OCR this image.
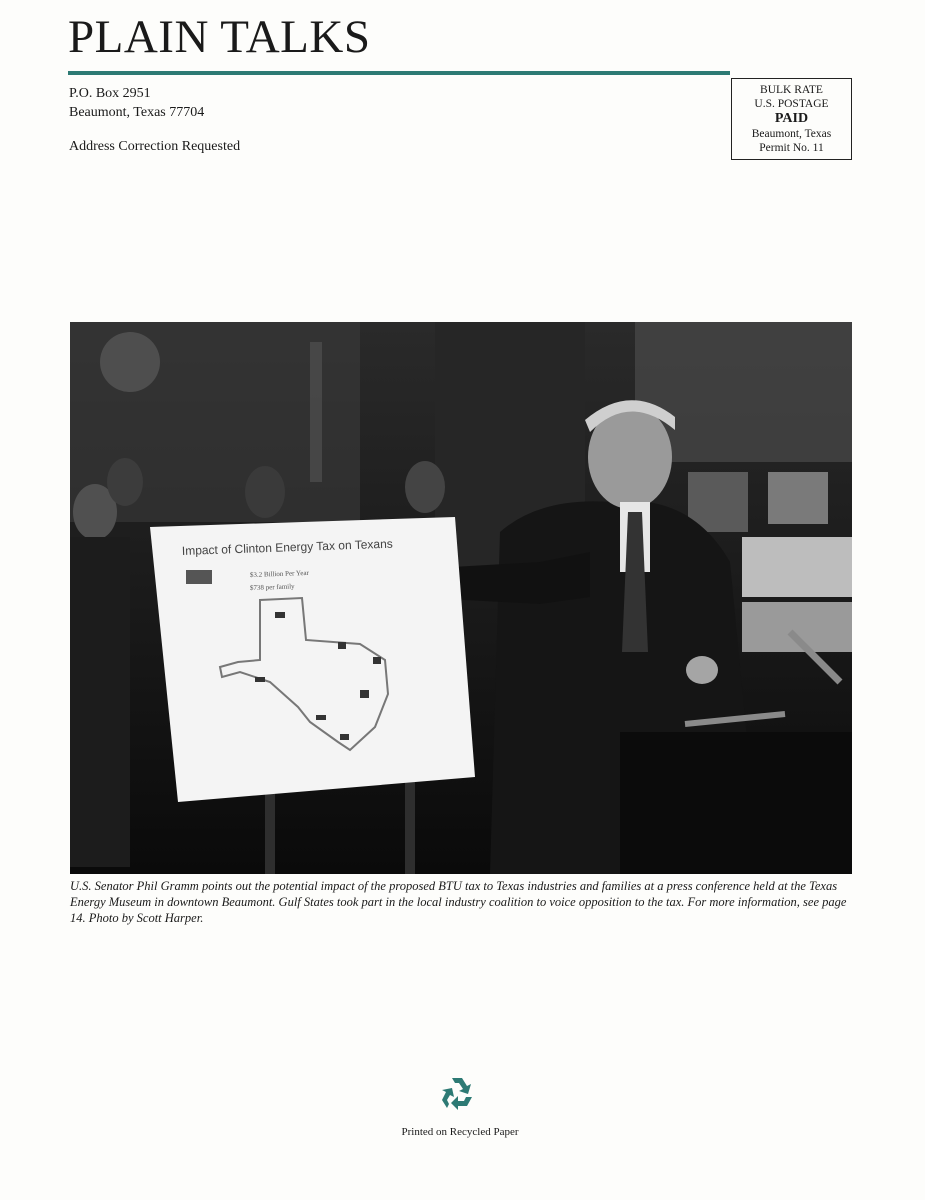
PLAIN TALKS
P.O. Box 2951
Beaumont, Texas 77704
Address Correction Requested
BULK RATE
U.S. POSTAGE
PAID
Beaumont, Texas
Permit No. 11
Impact of Clinton Energy Tax on Texans
$3.2 Billion Per Year
$738 per family

U.S. Senator Phil Gramm points out the potential impact of the proposed BTU tax to Texas industries and families at a press conference held at the Texas Energy Museum in downtown Beaumont. Gulf States took part in the local industry coalition to voice opposition to the tax. For more information, see page 14. Photo by Scott Harper.

Printed on Recycled Paper
